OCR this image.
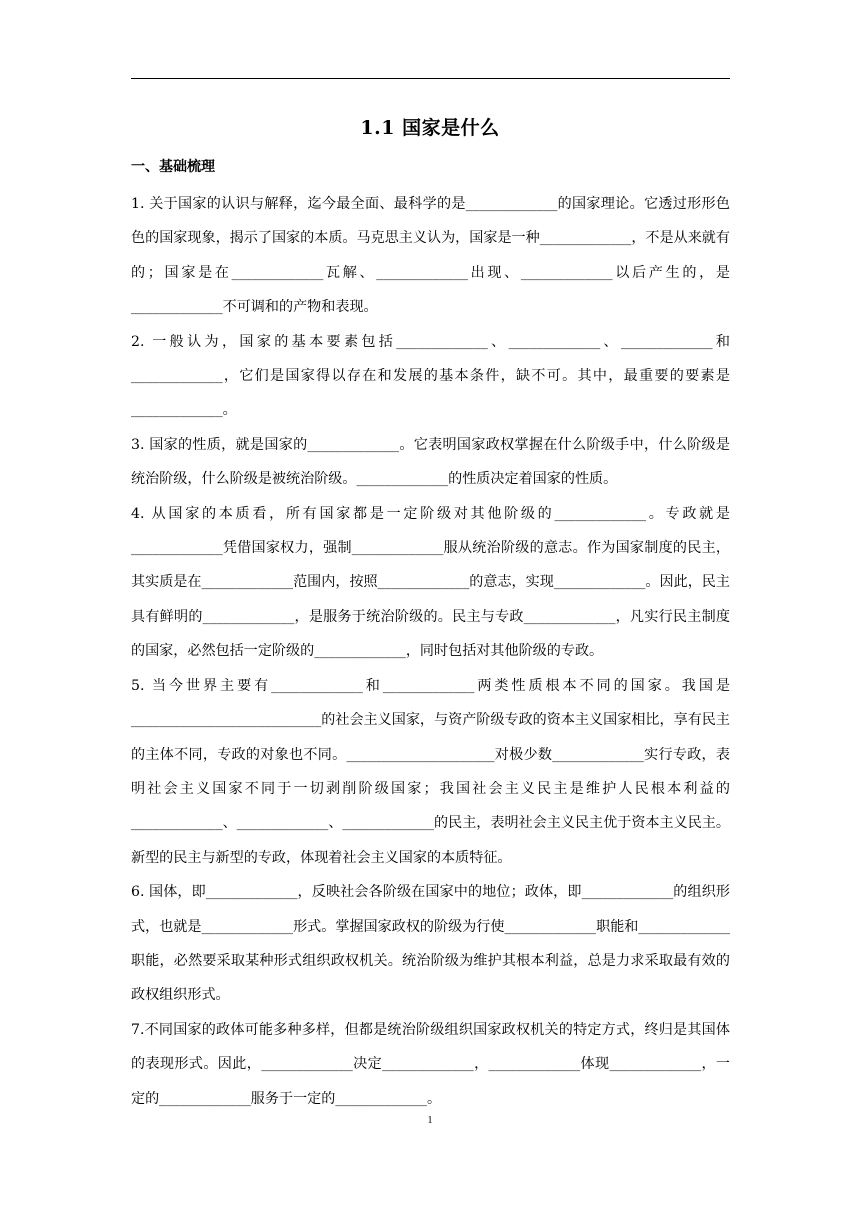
1.1 国家是什么
一、基础梳理

1. 关于国家的认识与解释，迄今最全面、最科学的是_____________的国家理论。它透过形形色色的国家现象，揭示了国家的本质。马克思主义认为，国家是一种_____________，不是从来就有的；国家是在_____________瓦解、_____________出现、_____________以后产生的，是_____________不可调和的产物和表现。

2. 一般认为，国家的基本要素包括_____________、_____________、_____________和_____________，它们是国家得以存在和发展的基本条件，缺不可。其中，最重要的要素是_____________。

3. 国家的性质，就是国家的_____________。它表明国家政权掌握在什么阶级手中，什么阶级是统治阶级，什么阶级是被统治阶级。_____________的性质决定着国家的性质。

4. 从国家的本质看，所有国家都是一定阶级对其他阶级的_____________。专政就是_____________凭借国家权力，强制_____________服从统治阶级的意志。作为国家制度的民主，其实质是在_____________范围内，按照_____________的意志，实现_____________。因此，民主具有鲜明的_____________，是服务于统治阶级的。民主与专政_____________，凡实行民主制度的国家，必然包括一定阶级的_____________，同时包括对其他阶级的专政。

5. 当今世界主要有_____________和_____________两类性质根本不同的国家。我国是___________________________的社会主义国家，与资产阶级专政的资本主义国家相比，享有民主的主体不同，专政的对象也不同。_____________________对极少数_____________实行专政，表明社会主义国家不同于一切剥削阶级国家；我国社会主义民主是维护人民根本利益的_____________、_____________、_____________的民主，表明社会主义民主优于资本主义民主。新型的民主与新型的专政，体现着社会主义国家的本质特征。

6. 国体，即_____________，反映社会各阶级在国家中的地位；政体，即_____________的组织形式，也就是_____________形式。掌握国家政权的阶级为行使_____________职能和_____________职能，必然要采取某种形式组织政权机关。统治阶级为维护其根本利益，总是力求采取最有效的政权组织形式。

7.不同国家的政体可能多种多样，但都是统治阶级组织国家政权机关的特定方式，终归是其国体的表现形式。因此，_____________决定_____________，_____________体现_____________，一定的_____________服务于一定的_____________。

1
